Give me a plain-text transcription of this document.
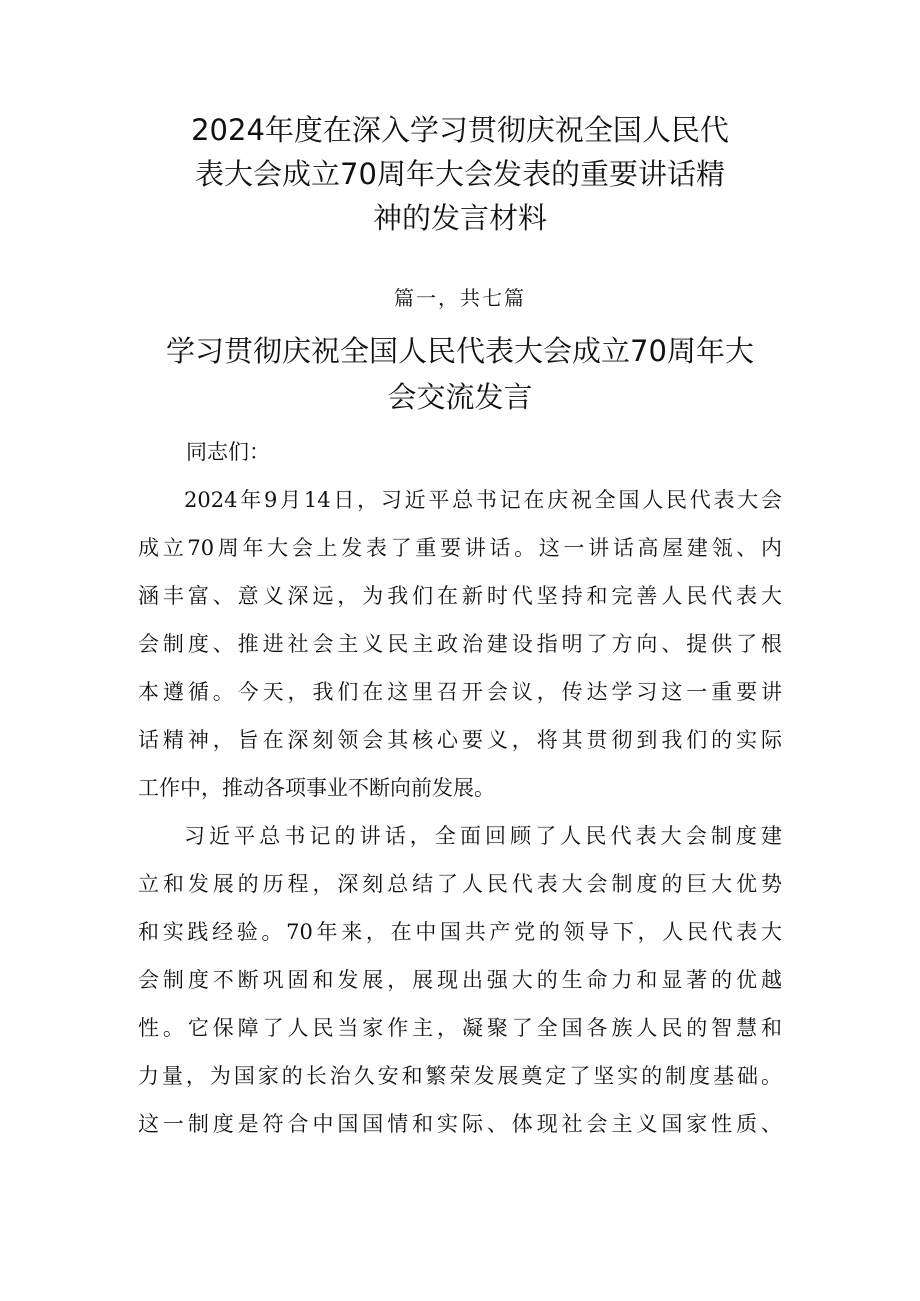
2024年度在深入学习贯彻庆祝全国人民代
表大会成立70周年大会发表的重要讲话精
神的发言材料

篇一，共七篇

学习贯彻庆祝全国人民代表大会成立70周年大
会交流发言

同志们：

2024年9月14日，习近平总书记在庆祝全国人民代表大会
成立70周年大会上发表了重要讲话。这一讲话高屋建瓴、内
涵丰富、意义深远，为我们在新时代坚持和完善人民代表大
会制度、推进社会主义民主政治建设指明了方向、提供了根
本遵循。今天，我们在这里召开会议，传达学习这一重要讲
话精神，旨在深刻领会其核心要义，将其贯彻到我们的实际
工作中，推动各项事业不断向前发展。

习近平总书记的讲话，全面回顾了人民代表大会制度建
立和发展的历程，深刻总结了人民代表大会制度的巨大优势
和实践经验。70年来，在中国共产党的领导下，人民代表大
会制度不断巩固和发展，展现出强大的生命力和显著的优越
性。它保障了人民当家作主，凝聚了全国各族人民的智慧和
力量，为国家的长治久安和繁荣发展奠定了坚实的制度基础。
这一制度是符合中国国情和实际、体现社会主义国家性质、
